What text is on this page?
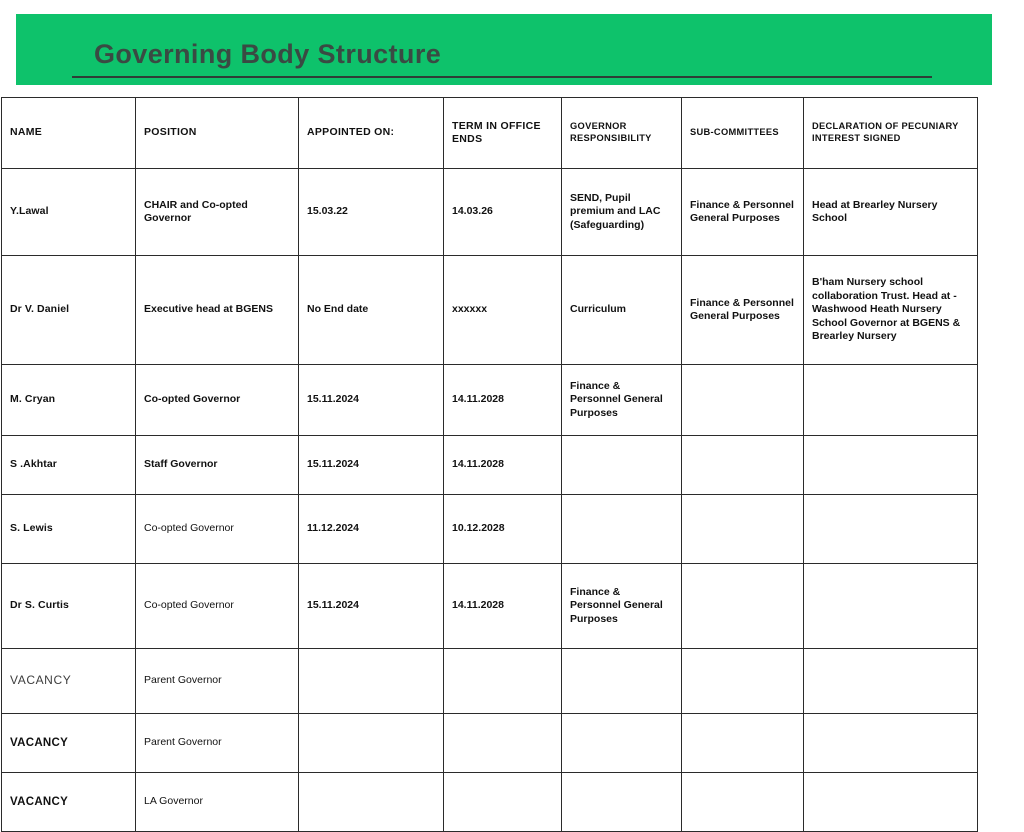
Governing Body Structure
NAME	POSITION	APPOINTED ON:	TERM IN OFFICE ENDS	GOVERNOR RESPONSIBILITY	SUB-COMMITTEES	DECLARATION OF PECUNIARY INTEREST SIGNED
Y.Lawal	CHAIR and Co-opted Governor	15.03.22	14.03.26	SEND, Pupil premium and LAC (Safeguarding)	Finance & Personnel General Purposes	Head at Brearley Nursery School
Dr V. Daniel	Executive head at BGENS	No End date	xxxxxx	Curriculum	Finance & Personnel General Purposes	B'ham Nursery school collaboration Trust. Head at - Washwood Heath Nursery School Governor at BGENS & Brearley Nursery
M. Cryan	Co-opted Governor	15.11.2024	14.11.2028	Finance & Personnel General Purposes		
S .Akhtar	Staff Governor	15.11.2024	14.11.2028			
S. Lewis	Co-opted Governor	11.12.2024	10.12.2028			
Dr S. Curtis	Co-opted Governor	15.11.2024	14.11.2028	Finance & Personnel General Purposes		
VACANCY	Parent Governor					
VACANCY	Parent Governor					
VACANCY	LA Governor					
